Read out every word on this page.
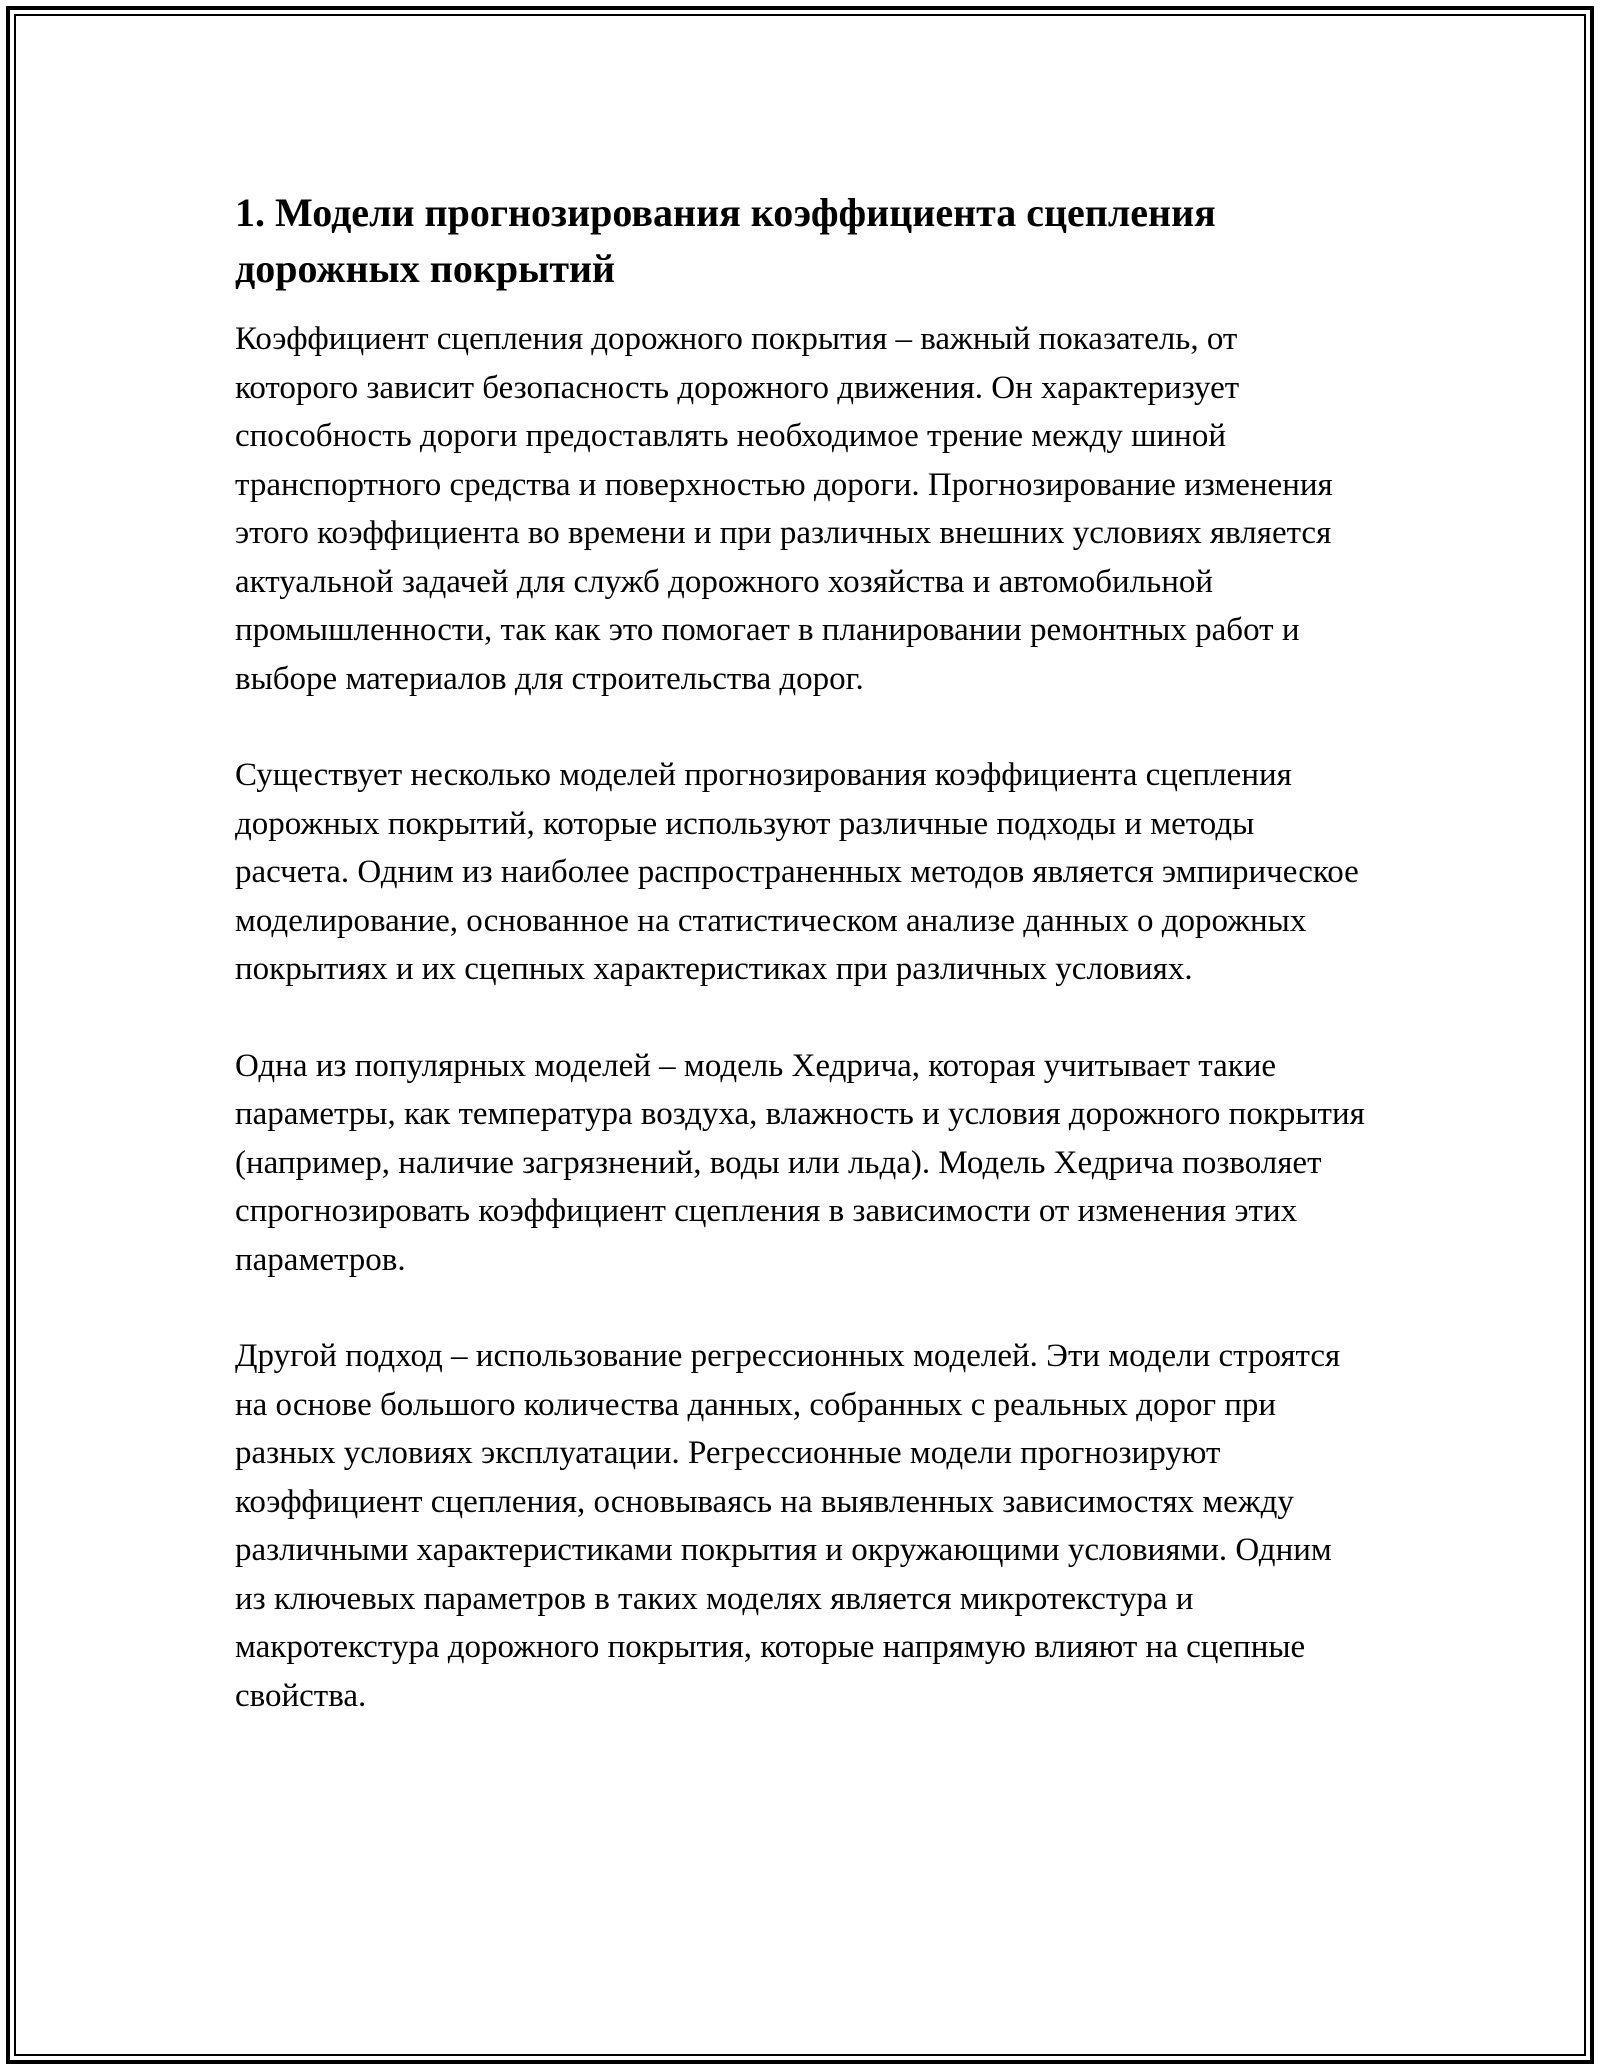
1. Модели прогнозирования коэффициента сцепления дорожных покрытий

Коэффициент сцепления дорожного покрытия – важный показатель, от которого зависит безопасность дорожного движения. Он характеризует способность дороги предоставлять необходимое трение между шиной транспортного средства и поверхностью дороги. Прогнозирование изменения этого коэффициента во времени и при различных внешних условиях является актуальной задачей для служб дорожного хозяйства и автомобильной промышленности, так как это помогает в планировании ремонтных работ и выборе материалов для строительства дорог.

Существует несколько моделей прогнозирования коэффициента сцепления дорожных покрытий, которые используют различные подходы и методы расчета. Одним из наиболее распространенных методов является эмпирическое моделирование, основанное на статистическом анализе данных о дорожных покрытиях и их сцепных характеристиках при различных условиях.

Одна из популярных моделей – модель Хедрича, которая учитывает такие параметры, как температура воздуха, влажность и условия дорожного покрытия (например, наличие загрязнений, воды или льда). Модель Хедрича позволяет спрогнозировать коэффициент сцепления в зависимости от изменения этих параметров.

Другой подход – использование регрессионных моделей. Эти модели строятся на основе большого количества данных, собранных с реальных дорог при разных условиях эксплуатации. Регрессионные модели прогнозируют коэффициент сцепления, основываясь на выявленных зависимостях между различными характеристиками покрытия и окружающими условиями. Одним из ключевых параметров в таких моделях является микротекстура и макротекстура дорожного покрытия, которые напрямую влияют на сцепные свойства.
